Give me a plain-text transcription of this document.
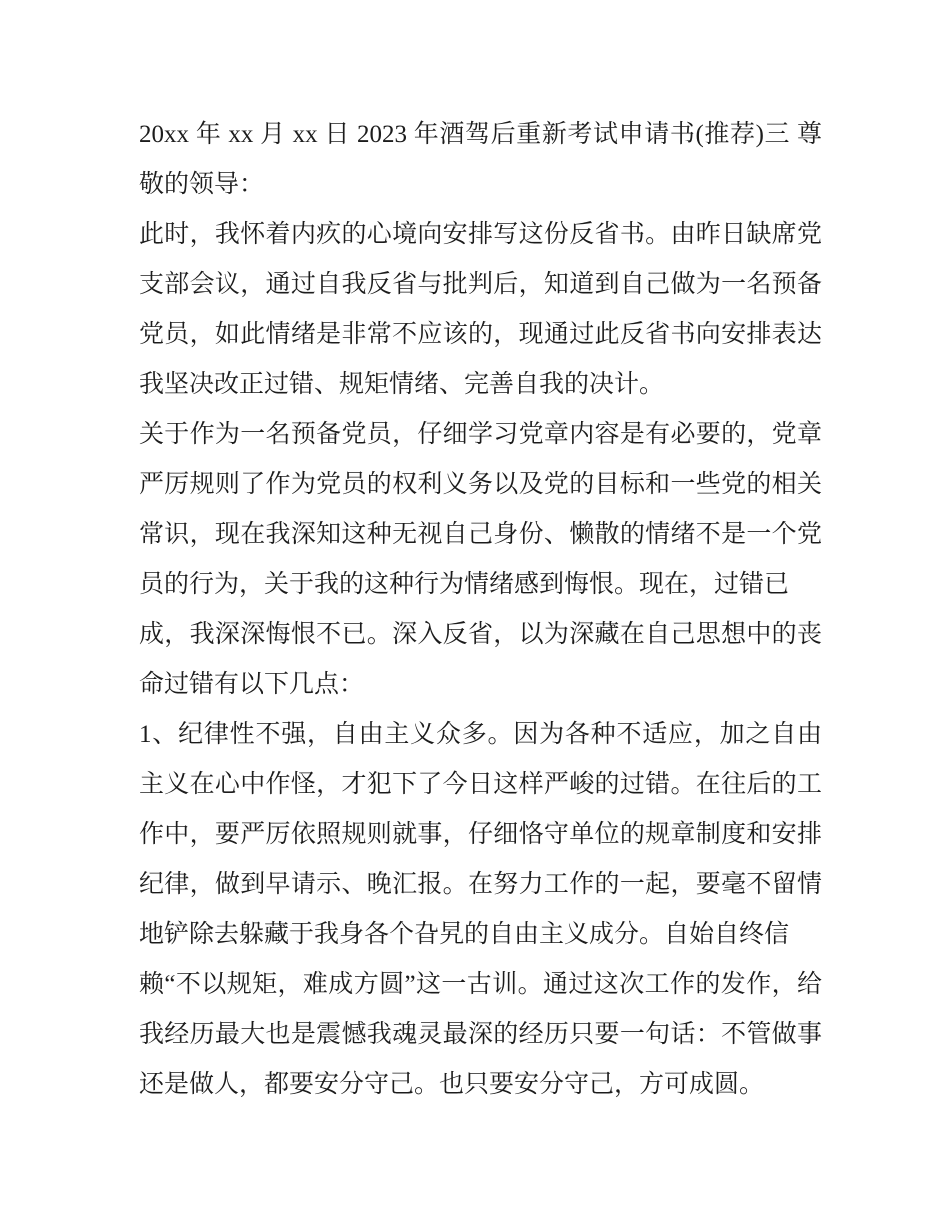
20xx 年 xx 月 xx 日 2023 年酒驾后重新考试申请书(推荐)三 尊
敬的领导：
此时，我怀着内疚的心境向安排写这份反省书。由昨日缺席党
支部会议，通过自我反省与批判后，知道到自己做为一名预备
党员，如此情绪是非常不应该的，现通过此反省书向安排表达
我坚决改正过错、规矩情绪、完善自我的决计。
关于作为一名预备党员，仔细学习党章内容是有必要的，党章
严厉规则了作为党员的权利义务以及党的目标和一些党的相关
常识，现在我深知这种无视自己身份、懒散的情绪不是一个党
员的行为，关于我的这种行为情绪感到悔恨。现在，过错已
成，我深深悔恨不已。深入反省，以为深藏在自己思想中的丧
命过错有以下几点：
1、纪律性不强，自由主义众多。因为各种不适应，加之自由
主义在心中作怪，才犯下了今日这样严峻的过错。在往后的工
作中，要严厉依照规则就事，仔细恪守单位的规章制度和安排
纪律，做到早请示、晚汇报。在努力工作的一起，要毫不留情
地铲除去躲藏于我身各个旮旯的自由主义成分。自始自终信
赖“不以规矩，难成方圆”这一古训。通过这次工作的发作，给
我经历最大也是震憾我魂灵最深的经历只要一句话：不管做事
还是做人，都要安分守己。也只要安分守己，方可成圆。
